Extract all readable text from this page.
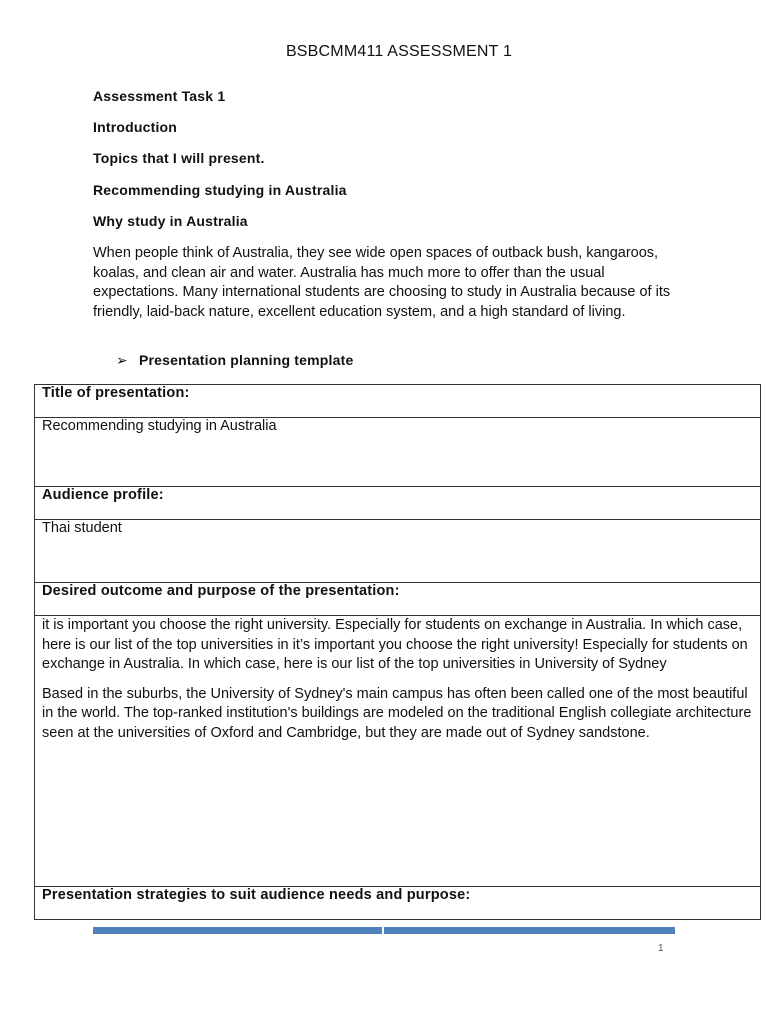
BSBCMM411 ASSESSMENT 1
Assessment Task 1
Introduction
Topics that I will present.
Recommending studying in Australia
Why study in Australia

When people think of Australia, they see wide open spaces of outback bush, kangaroos, koalas, and clean air and water. Australia has much more to offer than the usual expectations. Many international students are choosing to study in Australia because of its friendly, laid-back nature, excellent education system, and a high standard of living.

➢ Presentation planning template
Title of presentation:
Recommending studying in Australia
Audience profile:
Thai student
Desired outcome and purpose of the presentation:

it is important you choose the right university. Especially for students on exchange in Australia. In which case, here is our list of the top universities in it’s important you choose the right university! Especially for students on exchange in Australia. In which case, here is our list of the top universities in University of Sydney

Based in the suburbs, the University of Sydney's main campus has often been called one of the most beautiful in the world. The top-ranked institution's buildings are modeled on the traditional English collegiate architecture seen at the universities of Oxford and Cambridge, but they are made out of Sydney sandstone.

Presentation strategies to suit audience needs and purpose:
1
